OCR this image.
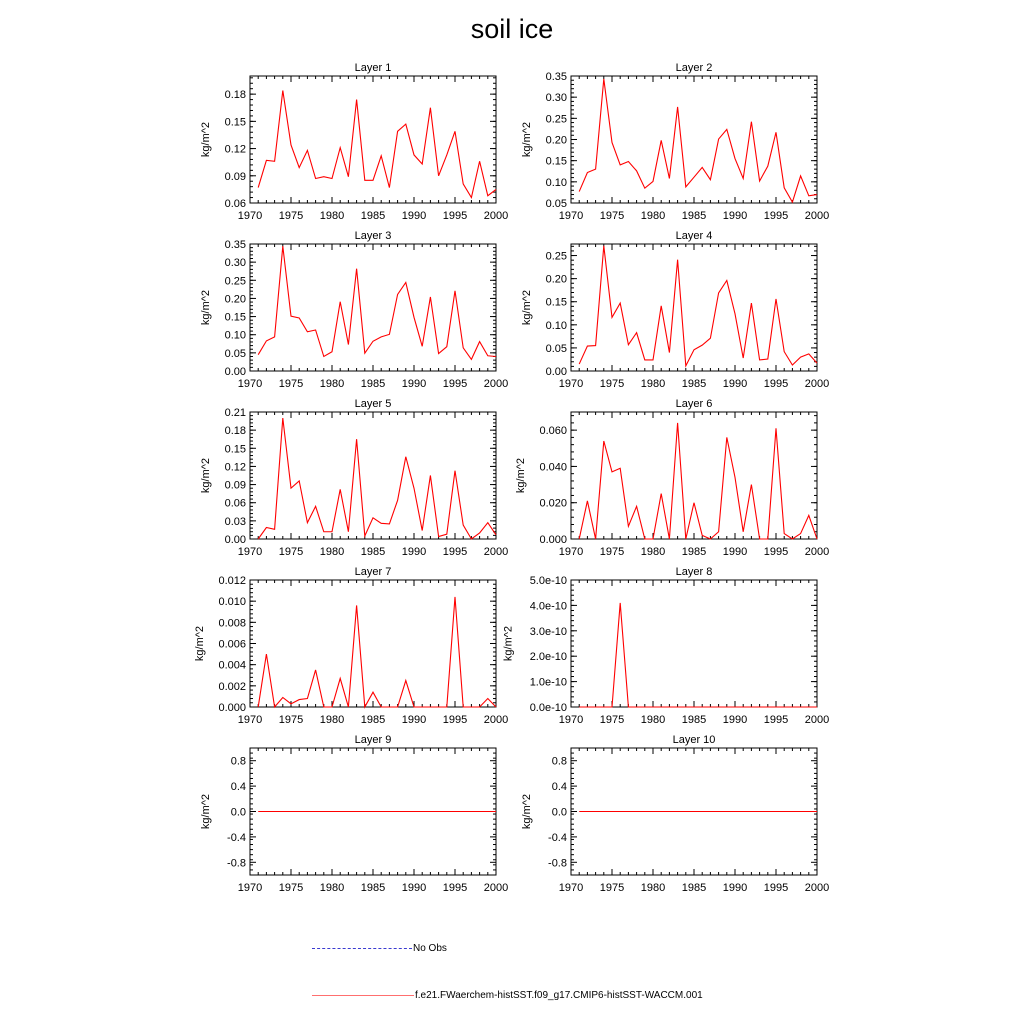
soil ice
Layer 1
1970 1975 1980 1985 1990 1995 2000
0.06
0.09
0.12
0.15
0.18
kg/m^2
Layer 2
1970 1975 1980 1985 1990 1995 2000
0.05
0.10
0.15
0.20
0.25
0.30
0.35
kg/m^2
Layer 3
1970 1975 1980 1985 1990 1995 2000
0.00
0.05
0.10
0.15
0.20
0.25
0.30
0.35
kg/m^2
Layer 4
1970 1975 1980 1985 1990 1995 2000
0.00
0.05
0.10
0.15
0.20
0.25
kg/m^2
Layer 5
1970 1975 1980 1985 1990 1995 2000
0.00
0.03
0.06
0.09
0.12
0.15
0.18
0.21
kg/m^2
Layer 6
1970 1975 1980 1985 1990 1995 2000
0.000
0.020
0.040
0.060
kg/m^2
Layer 7
1970 1975 1980 1985 1990 1995 2000
0.000
0.002
0.004
0.006
0.008
0.010
0.012
kg/m^2
Layer 8
1970 1975 1980 1985 1990 1995 2000
0.0e-10
1.0e-10
2.0e-10
3.0e-10
4.0e-10
5.0e-10
kg/m^2
Layer 9
1970 1975 1980 1985 1990 1995 2000
-0.8
-0.4
0.0
0.4
0.8
kg/m^2
Layer 10
1970 1975 1980 1985 1990 1995 2000
-0.8
-0.4
0.0
0.4
0.8
kg/m^2
No Obs
f.e21.FWaerchem-histSST.f09_g17.CMIP6-histSST-WACCM.001
